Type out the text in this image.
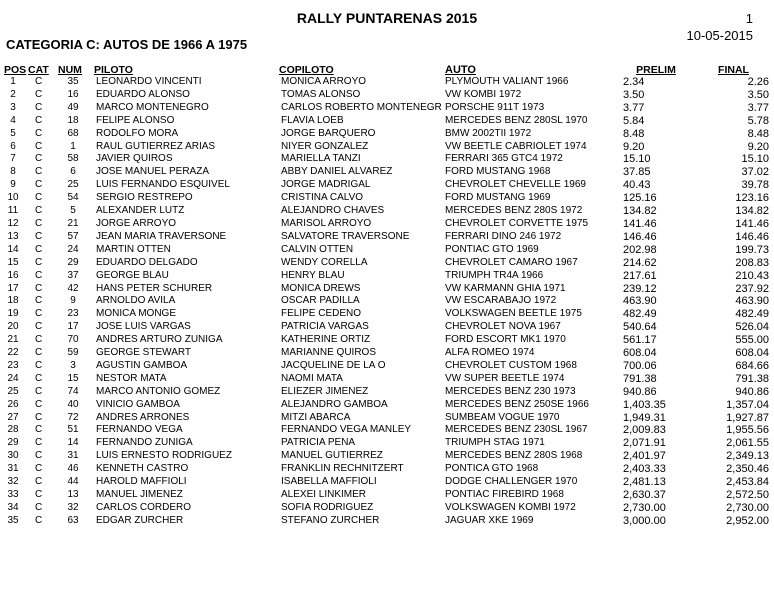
RALLY PUNTARENAS 2015	1
10-05-2015
CATEGORIA C: AUTOS DE 1966 A 1975
POS	CAT	NUM	PILOTO	COPILOTO	AUTO	PRELIM	FINAL
1	C	35	LEONARDO VINCENTI	MONICA ARROYO	PLYMOUTH VALIANT 1966	2.34	2.26
2	C	16	EDUARDO ALONSO	TOMAS ALONSO	VW KOMBI 1972	3.50	3.50
3	C	49	MARCO MONTENEGRO	CARLOS ROBERTO MONTENEGR	PORSCHE 911T 1973	3.77	3.77
4	C	18	FELIPE ALONSO	FLAVIA LOEB	MERCEDES BENZ 280SL 1970	5.84	5.78
5	C	68	RODOLFO MORA	JORGE BARQUERO	BMW 2002TII 1972	8.48	8.48
6	C	1	RAUL GUTIERREZ ARIAS	NIYER GONZALEZ	VW BEETLE CABRIOLET 1974	9.20	9.20
7	C	58	JAVIER QUIROS	MARIELLA TANZI	FERRARI 365 GTC4 1972	15.10	15.10
8	C	6	JOSE MANUEL PERAZA	ABBY DANIEL ALVAREZ	FORD MUSTANG 1968	37.85	37.02
9	C	25	LUIS FERNANDO ESQUIVEL	JORGE MADRIGAL	CHEVROLET CHEVELLE 1969	40.43	39.78
10	C	54	SERGIO RESTREPO	CRISTINA CALVO	FORD MUSTANG 1969	125.16	123.16
11	C	5	ALEXANDER LUTZ	ALEJANDRO CHAVES	MERCEDES BENZ 280S 1972	134.82	134.82
12	C	21	JORGE ARROYO	MARISOL ARROYO	CHEVROLET CORVETTE 1975	141.46	141.46
13	C	57	JEAN MARIA TRAVERSONE	SALVATORE TRAVERSONE	FERRARI DINO 246 1972	146.46	146.46
14	C	24	MARTIN OTTEN	CALVIN OTTEN	PONTIAC GTO 1969	202.98	199.73
15	C	29	EDUARDO DELGADO	WENDY CORELLA	CHEVROLET CAMARO 1967	214.62	208.83
16	C	37	GEORGE BLAU	HENRY BLAU	TRIUMPH TR4A 1966	217.61	210.43
17	C	42	HANS PETER SCHURER	MONICA DREWS	VW KARMANN GHIA 1971	239.12	237.92
18	C	9	ARNOLDO AVILA	OSCAR PADILLA	VW ESCARABAJO 1972	463.90	463.90
19	C	23	MONICA MONGE	FELIPE CEDEÑO	VOLKSWAGEN BEETLE 1975	482.49	482.49
20	C	17	JOSE LUIS VARGAS	PATRICIA VARGAS	CHEVROLET NOVA 1967	540.64	526.04
21	C	70	ANDRES ARTURO ZUNIGA	KATHERINE ORTIZ	FORD ESCORT MK1 1970	561.17	555.00
22	C	59	GEORGE STEWART	MARIANNE QUIROS	ALFA ROMEO 1974	608.04	608.04
23	C	3	AGUSTIN GAMBOA	JACQUELINE DE LA O	CHEVROLET CUSTOM 1968	700.06	684.66
24	C	15	NESTOR MATA	NAOMI MATA	VW SUPER BEETLE 1974	791.38	791.38
25	C	74	MARCO ANTONIO GOMEZ	ELIEZER JIMENEZ	MERCEDES BENZ 230 1973	940.86	940.86
26	C	40	VINICIO GAMBOA	ALEJANDRO GAMBOA	MERCEDES BENZ 250SE 1966	1,403.35	1,357.04
27	C	72	ANDRES ARRONES	MITZI ABARCA	SUMBEAM VOGUE 1970	1,949.31	1,927.87
28	C	51	FERNANDO VEGA	FERNANDO VEGA MANLEY	MERCEDES BENZ 230SL 1967	2,009.83	1,955.56
29	C	14	FERNANDO ZUNIGA	PATRICIA PENA	TRIUMPH STAG 1971	2,071.91	2,061.55
30	C	31	LUIS ERNESTO RODRIGUEZ	MANUEL GUTIERREZ	MERCEDES BENZ 280S 1968	2,401.97	2,349.13
31	C	46	KENNETH CASTRO	FRANKLIN RECHNITZERT	PONTICA GTO 1968	2,403.33	2,350.46
32	C	44	HAROLD MAFFIOLI	ISABELLA MAFFIOLI	DODGE CHALLENGER 1970	2,481.13	2,453.84
33	C	13	MANUEL JIMENEZ	ALEXEI LINKIMER	PONTIAC FIREBIRD 1968	2,630.37	2,572.50
34	C	32	CARLOS CORDERO	SOFIA RODRIGUEZ	VOLKSWAGEN KOMBI 1972	2,730.00	2,730.00
35	C	63	EDGAR ZURCHER	STEFANO ZURCHER	JAGUAR XKE 1969	3,000.00	2,952.00
